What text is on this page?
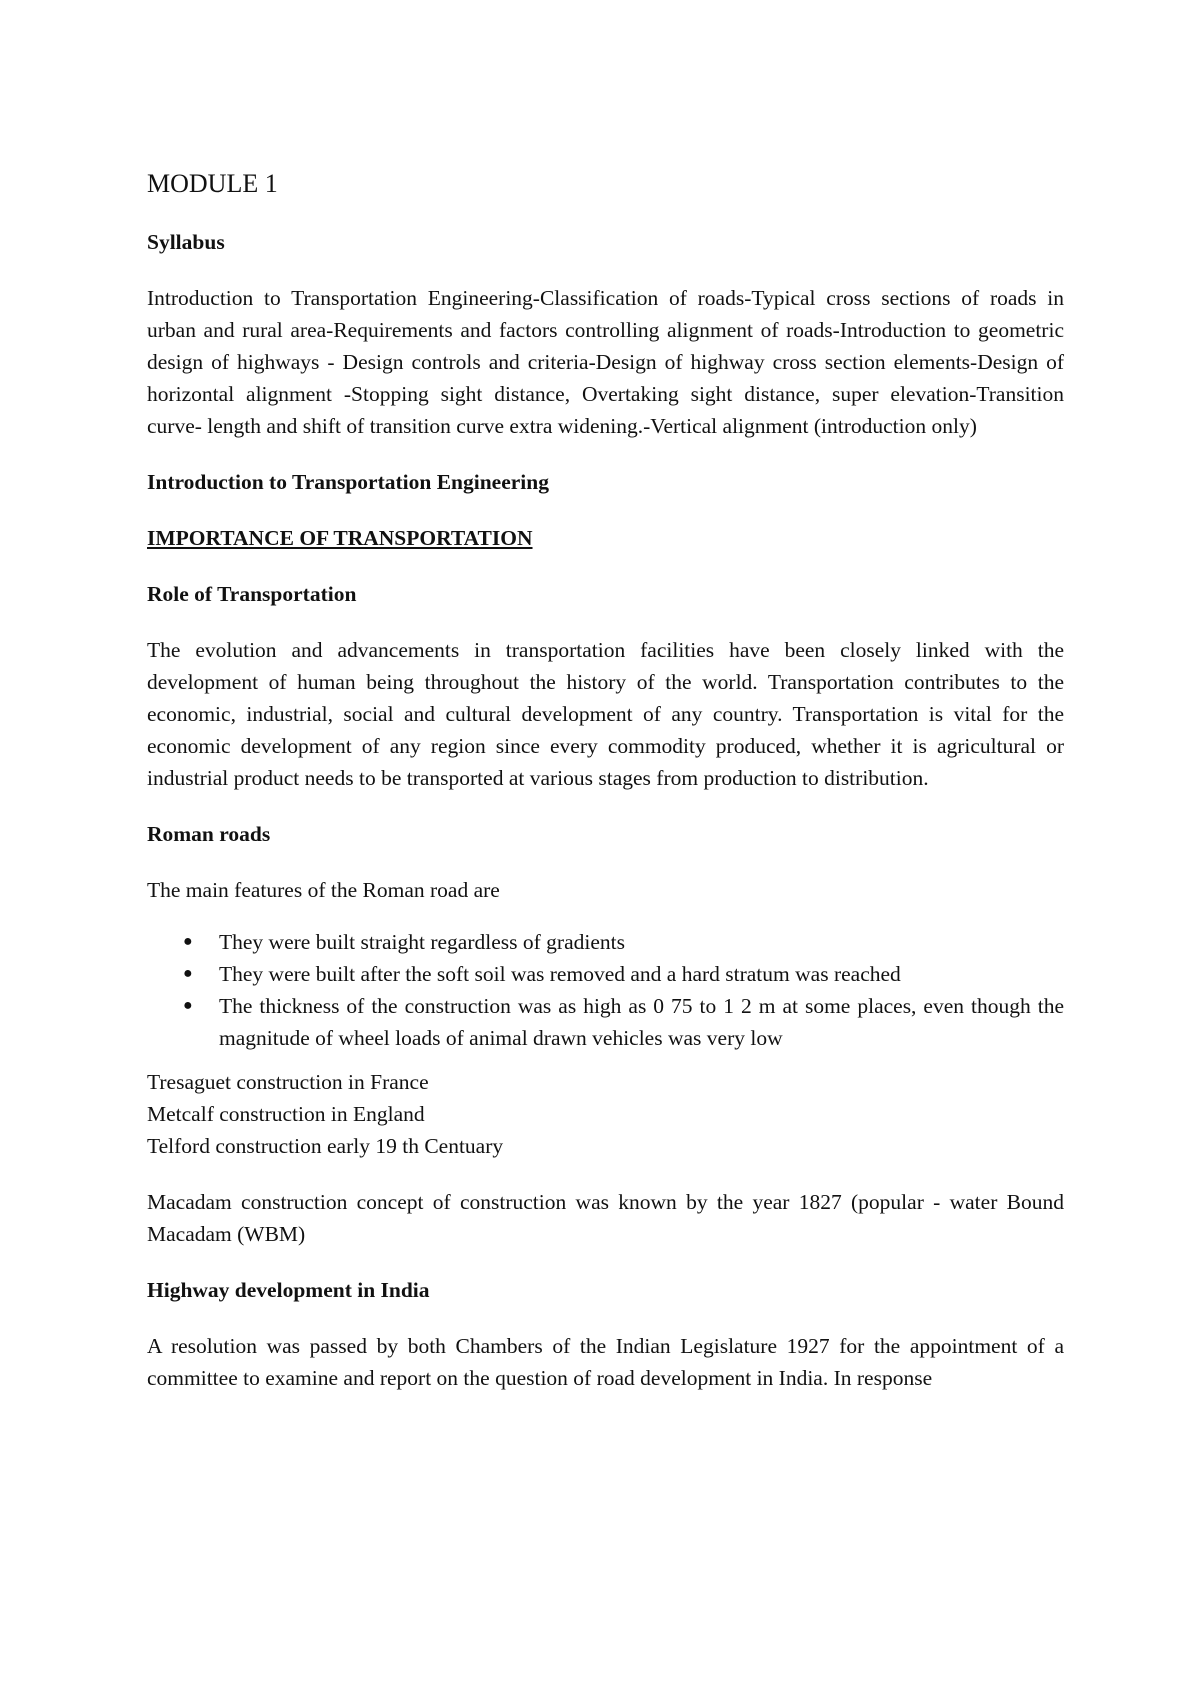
MODULE 1
Syllabus

Introduction to Transportation Engineering-Classification of roads-Typical cross sections of roads in urban and rural area-Requirements and factors controlling alignment of roads-Introduction to geometric design of highways - Design controls and criteria-Design of highway cross section elements-Design of horizontal alignment -Stopping sight distance, Overtaking sight distance, super elevation-Transition curve- length and shift of transition curve extra widening.-Vertical alignment (introduction only)

Introduction to Transportation Engineering
IMPORTANCE OF TRANSPORTATION
Role of Transportation

The evolution and advancements in transportation facilities have been closely linked with the development of human being throughout the history of the world. Transportation contributes to the economic, industrial, social and cultural development of any country. Transportation is vital for the economic development of any region since every commodity produced, whether it is agricultural or industrial product needs to be transported at various stages from production to distribution.

Roman roads

The main features of the Roman road are

● They were built straight regardless of gradients
● They were built after the soft soil was removed and a hard stratum was reached
● The thickness of the construction was as high as 0 75 to 1 2 m at some places, even though the magnitude of wheel loads of animal drawn vehicles was very low
Tresaguet construction in France
Metcalf construction in England
Telford construction early 19 th Centuary

Macadam construction concept of construction was known by the year 1827 (popular - water Bound Macadam (WBM)

Highway development in India

A resolution was passed by both Chambers of the Indian Legislature 1927 for the appointment of a committee to examine and report on the question of road development in India. In response
